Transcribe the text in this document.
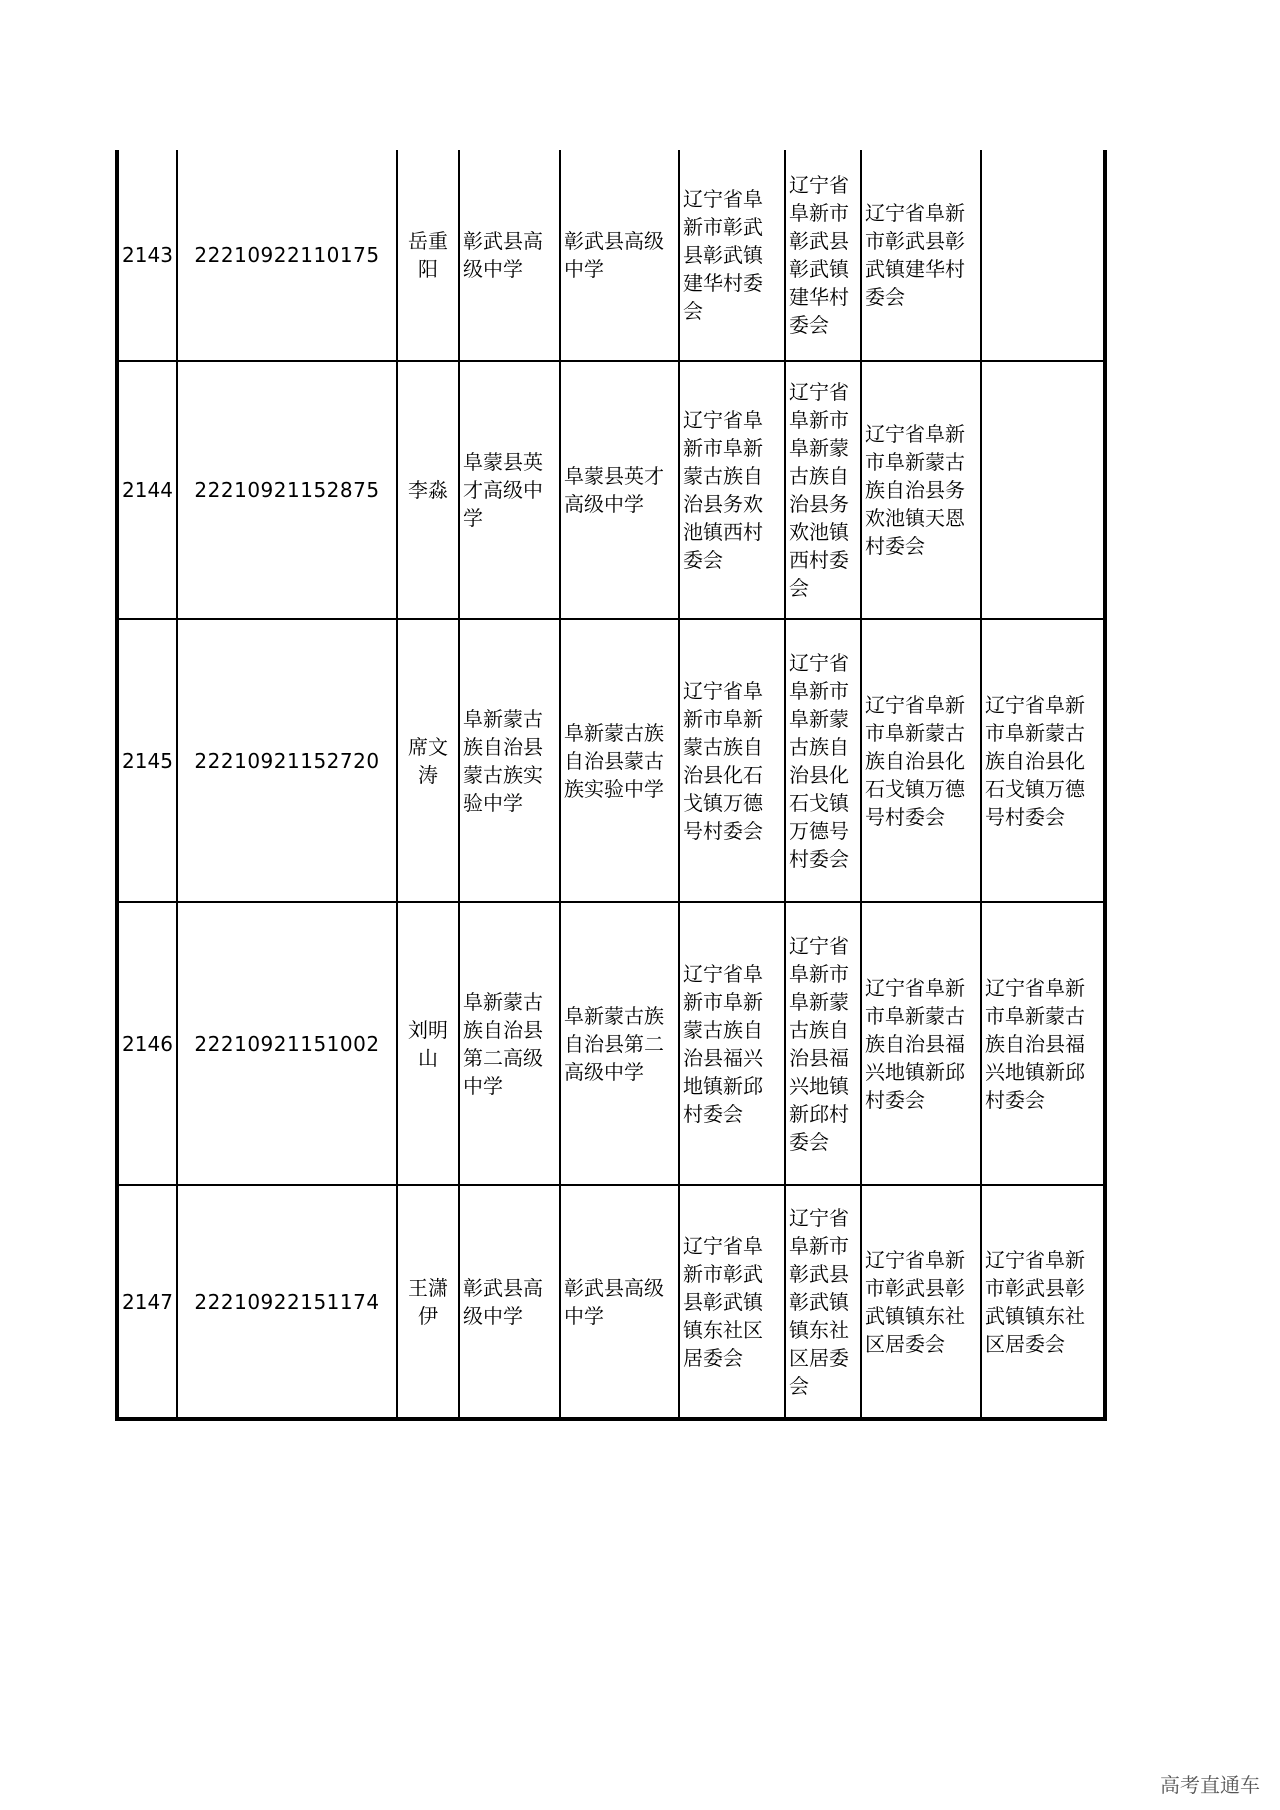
2143	22210922110175	岳重阳	彰武县高级中学	彰武县高级中学	辽宁省阜新市彰武县彰武镇建华村委会	辽宁省阜新市彰武县彰武镇建华村委会	辽宁省阜新市彰武县彰武镇建华村委会	
2144	22210921152875	李淼	阜蒙县英才高级中学	阜蒙县英才高级中学	辽宁省阜新市阜新蒙古族自治县务欢池镇西村委会	辽宁省阜新市阜新蒙古族自治县务欢池镇西村委会	辽宁省阜新市阜新蒙古族自治县务欢池镇天恩村委会	
2145	22210921152720	席文涛	阜新蒙古族自治县蒙古族实验中学	阜新蒙古族自治县蒙古族实验中学	辽宁省阜新市阜新蒙古族自治县化石戈镇万德号村委会	辽宁省阜新市阜新蒙古族自治县化石戈镇万德号村委会	辽宁省阜新市阜新蒙古族自治县化石戈镇万德号村委会	辽宁省阜新市阜新蒙古族自治县化石戈镇万德号村委会
2146	22210921151002	刘明山	阜新蒙古族自治县第二高级中学	阜新蒙古族自治县第二高级中学	辽宁省阜新市阜新蒙古族自治县福兴地镇新邱村委会	辽宁省阜新市阜新蒙古族自治县福兴地镇新邱村委会	辽宁省阜新市阜新蒙古族自治县福兴地镇新邱村委会	辽宁省阜新市阜新蒙古族自治县福兴地镇新邱村委会
2147	22210922151174	王潇伊	彰武县高级中学	彰武县高级中学	辽宁省阜新市彰武县彰武镇镇东社区居委会	辽宁省阜新市彰武县彰武镇镇东社区居委会	辽宁省阜新市彰武县彰武镇镇东社区居委会	辽宁省阜新市彰武县彰武镇镇东社区居委会
高考直通车
